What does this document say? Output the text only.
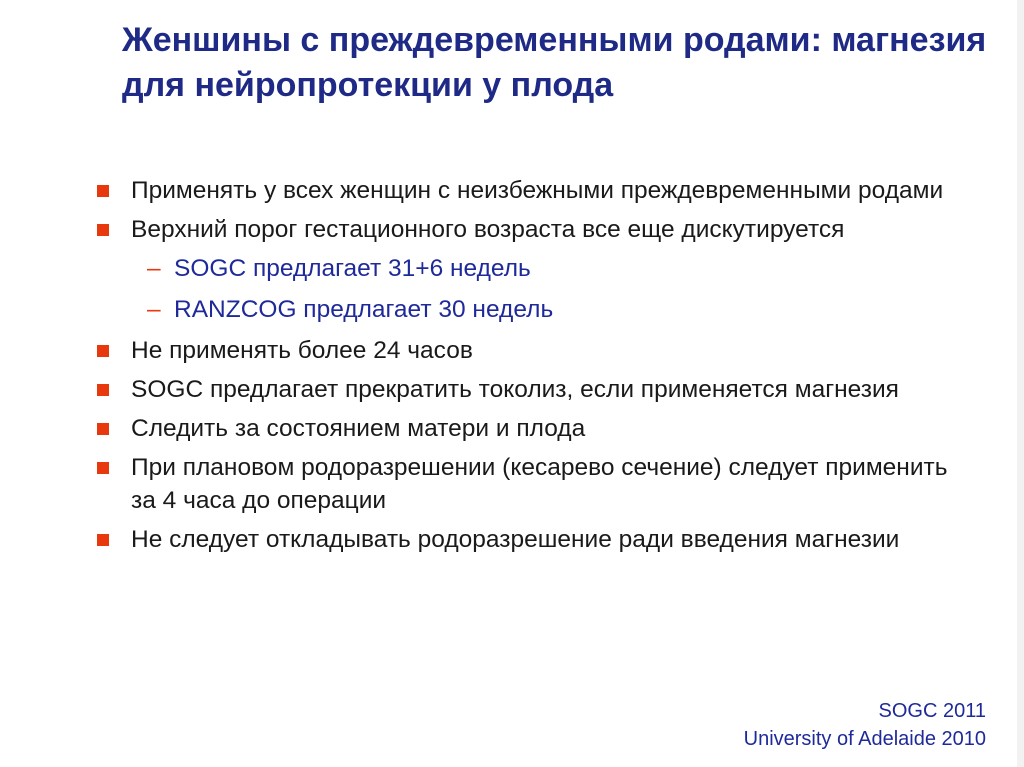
Женшины с преждевременными родами: магнезия для нейропротекции у плода
Применять у всех женщин с неизбежными преждевременными родами
Верхний порог гестационного возраста все еще дискутируется
– SOGC предлагает 31+6 недель
– RANZCOG предлагает 30 недель
Не применять более 24 часов
SOGC предлагает прекратить токолиз, если применяется магнезия
Следить за состоянием матери и плода
При плановом родоразрешении (кесарево сечение) следует применить за 4 часа до операции
Не следует откладывать родоразрешение ради введения магнезии
SOGC 2011
University of Adelaide 2010
